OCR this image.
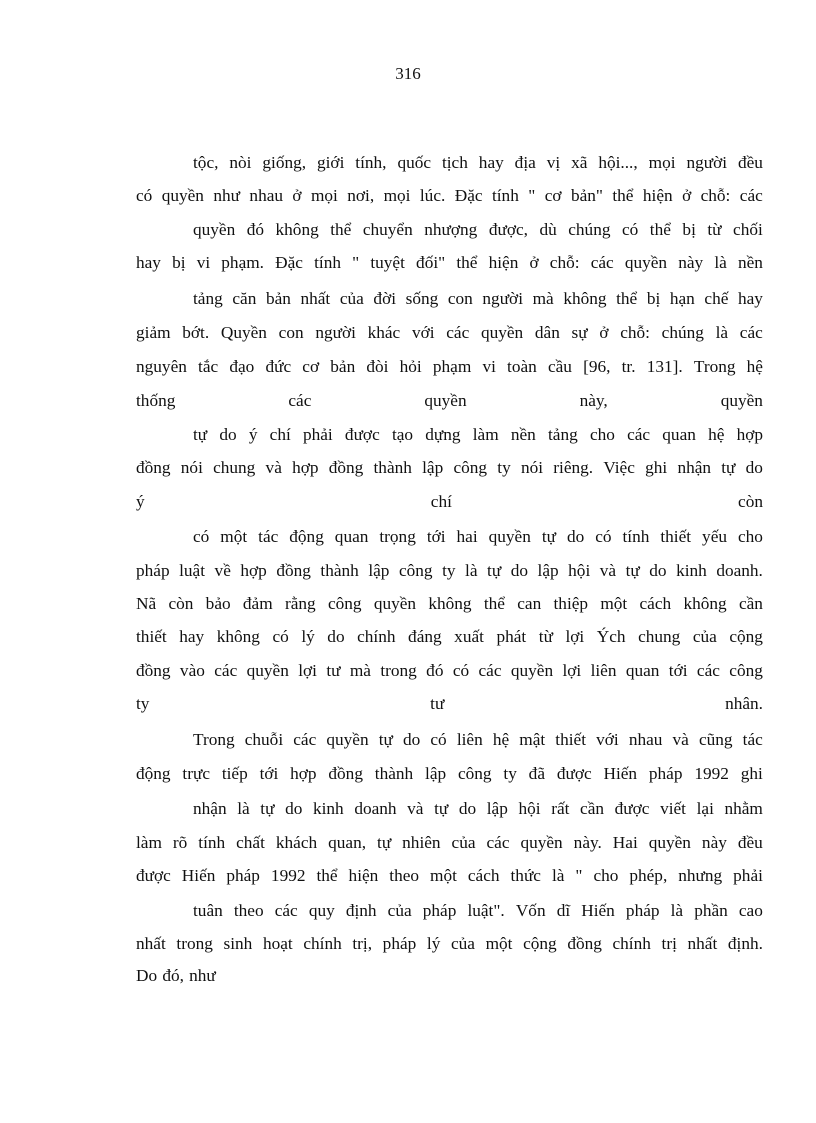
316
tộc, nòi giống, giới tính, quốc tịch hay địa vị xã hội..., mọi người đều
có quyền như nhau ở mọi nơi, mọi lúc. Đặc tính " cơ bản" thể hiện ở chỗ: các
quyền đó không thể chuyển nhượng được, dù chúng có thể bị từ chối
hay bị vi phạm. Đặc tính " tuyệt đối" thể hiện ở chỗ: các quyền này là nền
tảng căn bản nhất của đời sống con người mà không thể bị hạn chế hay
giảm bớt. Quyền con người khác với các quyền dân sự ở chỗ: chúng là các
nguyên tắc đạo đức cơ bản đòi hỏi phạm vi toàn cầu [96, tr. 131]. Trong hệ
thống	các	quyền	này,	quyền
tự do ý chí phải được tạo dựng làm nền tảng cho các quan hệ hợp
đồng nói chung và hợp đồng thành lập công ty nói riêng. Việc ghi nhận tự do
ý	chí	còn
có một tác động quan trọng tới hai quyền tự do có tính thiết yếu cho
pháp luật về hợp đồng thành lập công ty là tự do lập hội và tự do kinh doanh.
Nã còn bảo đảm rằng công quyền không thể can thiệp một cách không cần
thiết hay không có lý do chính đáng xuất phát từ lợi Ých chung của cộng
đồng vào các quyền lợi tư mà trong đó có các quyền lợi liên quan tới các công
ty	tư	nhân.
Trong chuỗi các quyền tự do có liên hệ mật thiết với nhau và cũng tác
động trực tiếp tới hợp đồng thành lập công ty đã được Hiến pháp 1992 ghi
nhận là tự do kinh doanh và tự do lập hội rất cần được viết lại nhằm
làm rõ tính chất khách quan, tự nhiên của các quyền này. Hai quyền này đều
được Hiến pháp 1992 thể hiện theo một cách thức là " cho phép, nhưng phải
tuân theo các quy định của pháp luật". Vốn dĩ Hiến pháp là phần cao
nhất trong sinh hoạt chính trị, pháp lý của một cộng đồng chính trị nhất định.
Do đó, như
